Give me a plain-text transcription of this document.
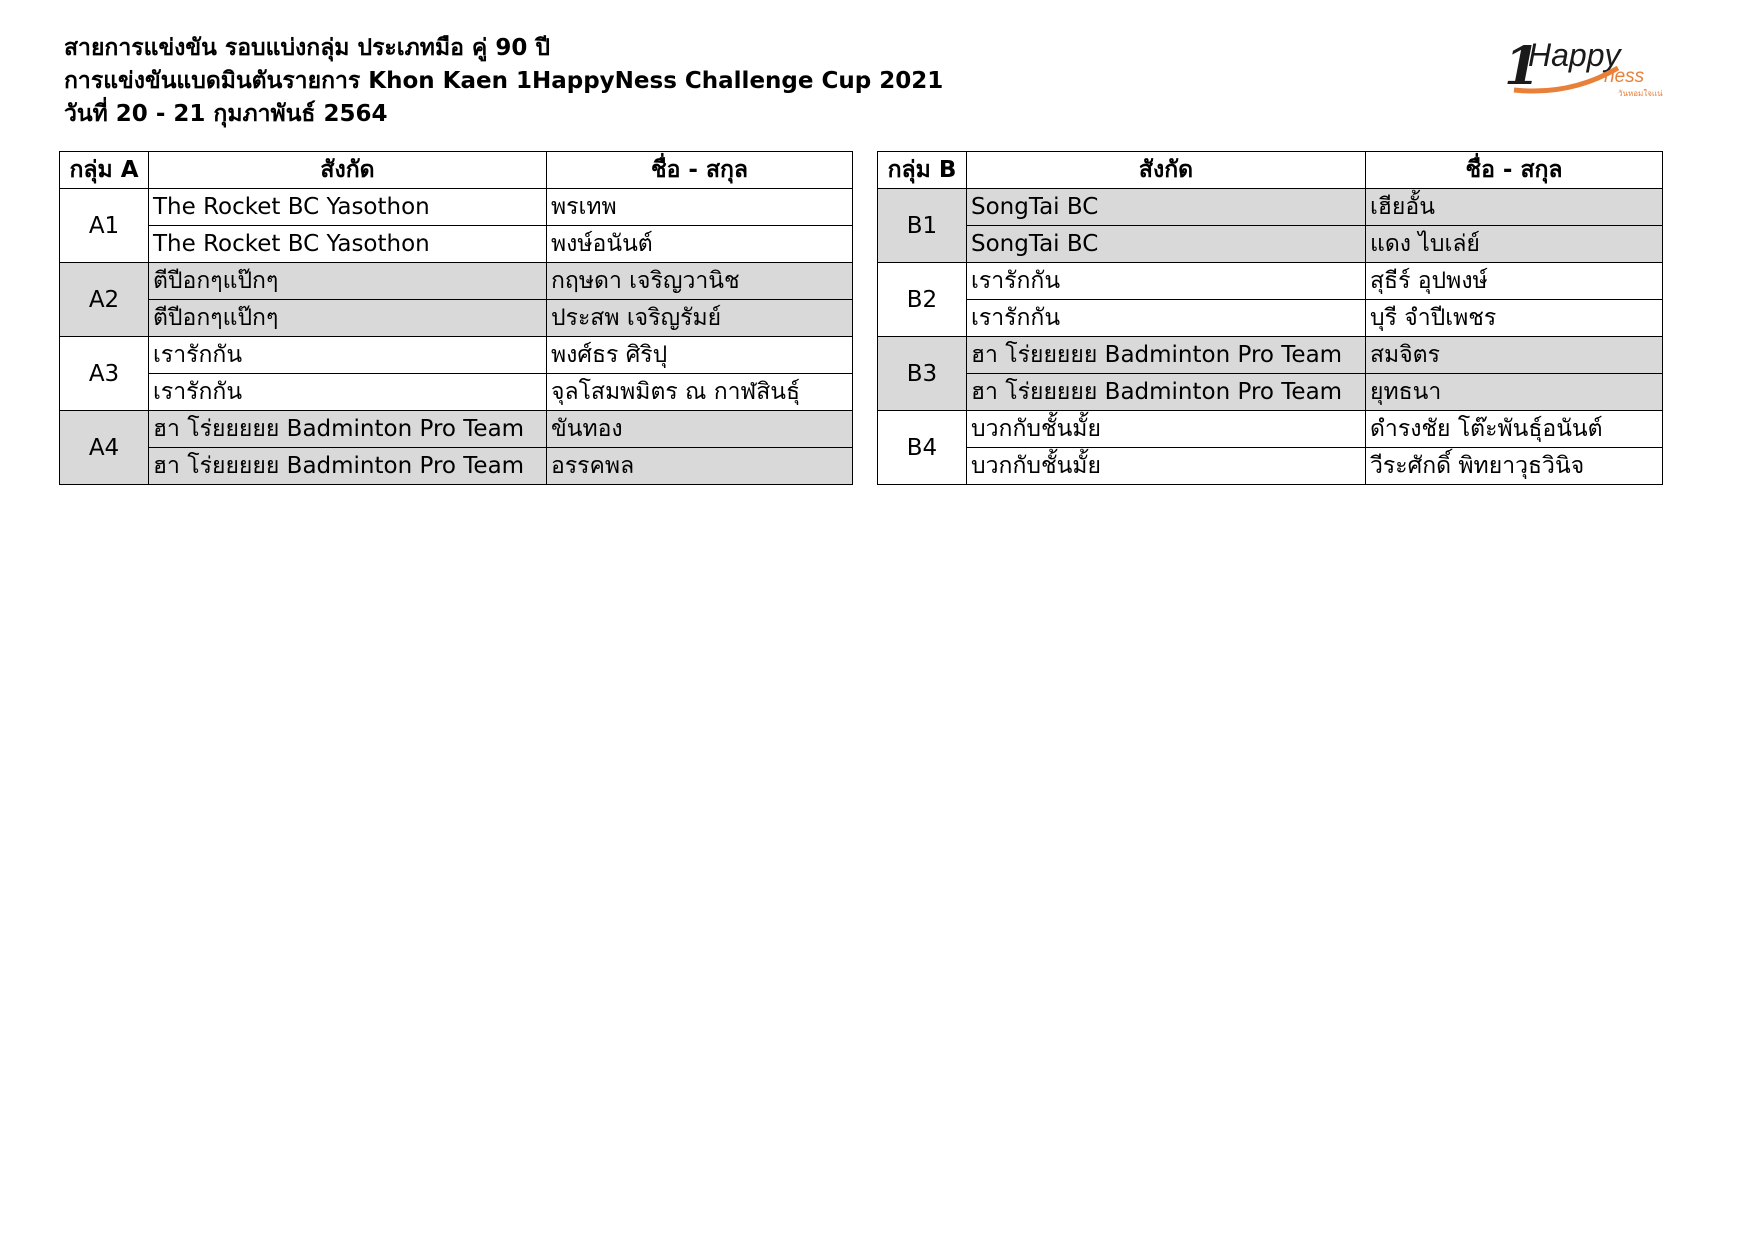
สายการแข่งขัน รอบแบ่งกลุ่ม ประเภทมือ คู่ 90 ปี
การแข่งขันแบดมินตันรายการ Khon Kaen 1HappyNess Challenge Cup 2021
วันที่ 20 - 21 กุมภาพันธ์ 2564
1
Happy
ness
วันหอมใจแน่
กลุ่ม A	สังกัด	ชื่อ - สกุล
A1	The Rocket BC Yasothon	พรเทพ
	The Rocket BC Yasothon	พงษ์อนันต์
A2	ตีปีอกๆแป๊กๆ	กฤษดา เจริญวานิช
	ตีปีอกๆแป๊กๆ	ประสพ เจริญรัมย์
A3	เรารักกัน	พงศ์ธร ศิริปุ
	เรารักกัน	จุลโสมพมิตร ณ กาฬสินธุ์
A4	ฮา โร่ยยยยย Badminton Pro Team	ขันทอง
	ฮา โร่ยยยยย Badminton Pro Team	อรรคพล
กลุ่ม B	สังกัด	ชื่อ - สกุล
B1	SongTai BC	เฮียอั้น
	SongTai BC	แดง ไบเล่ย์
B2	เรารักกัน	สุธีร์ อุปพงษ์
	เรารักกัน	บุรี จำปีเพชร
B3	ฮา โร่ยยยยย Badminton Pro Team	สมจิตร
	ฮา โร่ยยยยย Badminton Pro Team	ยุทธนา
B4	บวกกับชั้นมั้ย	ดำรงชัย โต๊ะพันธุ์อนันต์
	บวกกับชั้นมั้ย	วีระศักดิ์ พิทยาวุธวินิจ
